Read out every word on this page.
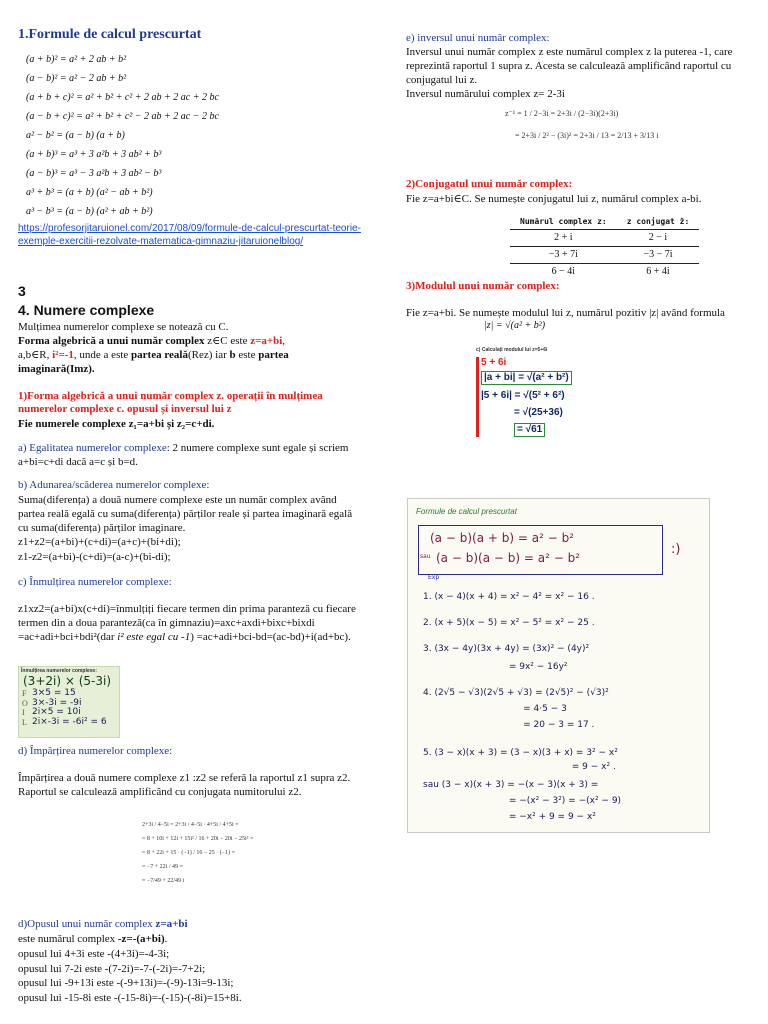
1.Formule de calcul prescurtat

(a + b)² = a² + 2 ab + b²

(a − b)² = a² − 2 ab + b²

(a + b + c)² = a² + b² + c² + 2 ab + 2 ac + 2 bc

(a − b + c)² = a² + b² + c² − 2 ab + 2 ac − 2 bc

a² − b² = (a − b) (a + b)

(a + b)³ = a³ + 3 a²b + 3 ab² + b³

(a − b)³ = a³ − 3 a²b + 3 ab² − b³

a³ + b³ = (a + b) (a² − ab + b²)

a³ − b³ = (a − b) (a² + ab + b²)

https://profesorjitaruionel.com/2017/08/09/formule-de-calcul-prescurtat-teorie-exemple-exercitii-rezolvate-matematica-gimnaziu-jitaruionelblog/
3
4. Numere complexe

Mulțimea numerelor complexe se notează cu C.

Forma algebrică a unui număr complex z∈C este z=a+bi,

a,b∈R, i²=-1, unde a este partea reală(Rez) iar b este partea imaginară(Imz).

1)Forma algebrică a unui număr complex z. operații în mulțimea numerelor complexe c. opusul și inversul lui z

Fie numerele complexe z₁=a+bi și z₂=c+di.

a) Egalitatea numerelor complexe: 2 numere complexe sunt egale și scriem a+bi=c+di dacă a=c și b=d.

b) Adunarea/scăderea numerelor complexe:

Suma(diferența) a două numere complexe este un număr complex având partea reală egală cu suma(diferența) părților reale și partea imaginară egală cu suma(diferența) părților imaginare.

z1+z2=(a+bi)+(c+di)=(a+c)+(bi+di);

z1-z2=(a+bi)-(c+di)=(a-c)+(bi-di);

c) Înmulțirea numerelor complexe:

z1xz2=(a+bi)x(c+di)=înmulțiți fiecare termen din prima paranteză cu fiecare termen din a doua paranteză(ca în gimnaziu)=axc+axdi+bixc+bixdi =ac+adi+bci+bdi²(dar i² este egal cu -1) =ac+adi+bci-bd=(ac-bd)+i(ad+bc).

Înmulțirea numerelor complexe:
(3+2i) × (5-3i)
F 3×5 = 15
O 3×-3i = -9i
I 2i×5 = 10i
L 2i×-3i = -6i² = 6

d) Împărțirea numerelor complexe:

Împărțirea a două numere complexe z1 :z2 se referă la raportul z1 supra z2. Raportul se calculează amplificând cu conjugata numitorului z2.

2+3i / 4−5i = 2+3i / 4−5i · 4+5i / 4+5i =
= 8 + 10i + 12i + 15i² / 16 + 20i − 20i − 25i² =
= 8 + 22i + 15 · (−1) / 16 − 25 · (−1) =
= −7 + 22i / 49 =
= −7/49 + 22/49 i

d)Opusul unui număr complex z=a+bi

este numărul complex -z=-(a+bi).

opusul lui 4+3i este -(4+3i)=-4-3i;

opusul lui 7-2i este -(7-2i)=-7-(-2i)=-7+2i;

opusul lui -9+13i este -(-9+13i)=-(-9)-13i=9-13i;

opusul lui -15-8i este -(-15-8i)=-(-15)-(-8i)=15+8i.

e) inversul unui număr complex:

Inversul unui număr complex z este numărul complex z la puterea -1, care reprezintă raportul 1 supra z. Acesta se calculează amplificând raportul cu conjugatul lui z.

Inversul numărului complex z= 2-3i

z⁻¹ = 1 / 2−3i = 2+3i / (2−3i)(2+3i)
= 2+3i / 2² − (3i)² = 2+3i / 13 = 2/13 + 3/13 i

2)Conjugatul unui număr complex:

Fie z=a+bi∈C. Se numește conjugatul lui z, numărul complex a-bi.

Numărul complex z:	z conjugat z̄:
2 + i	2 − i
−3 + 7i	−3 − 7i
6 − 4i	6 + 4i

3)Modulul unui număr complex:

Fie z=a+bi. Se numește modulul lui z, numărul pozitiv |z| având formula

|z| = √(a² + b²)
c) Calculați modulul lui z=5+6i
5 + 6i
|a + bi| = √(a² + b²)
|5 + 6i| = √(5² + 6²)
= √(25+36)
= √61
Formule de calcul prescurtat
(a − b)(a + b) = a² − b²
sau (a − b)(a − b) = a² − b²
:)
Exp
1. (x − 4)(x + 4) = x² − 4² = x² − 16 .
2. (x + 5)(x − 5) = x² − 5² = x² − 25 .
3. (3x − 4y)(3x + 4y) = (3x)² − (4y)²
= 9x² − 16y²
4. (2√5 − √3)(2√5 + √3) = (2√5)² − (√3)²
= 4·5 − 3
= 20 − 3 = 17 .
5. (3 − x)(x + 3) = (3 − x)(3 + x) = 3² − x²
= 9 − x² .
sau (3 − x)(x + 3) = −(x − 3)(x + 3) =
= −(x² − 3²) = −(x² − 9)
= −x² + 9 = 9 − x²
